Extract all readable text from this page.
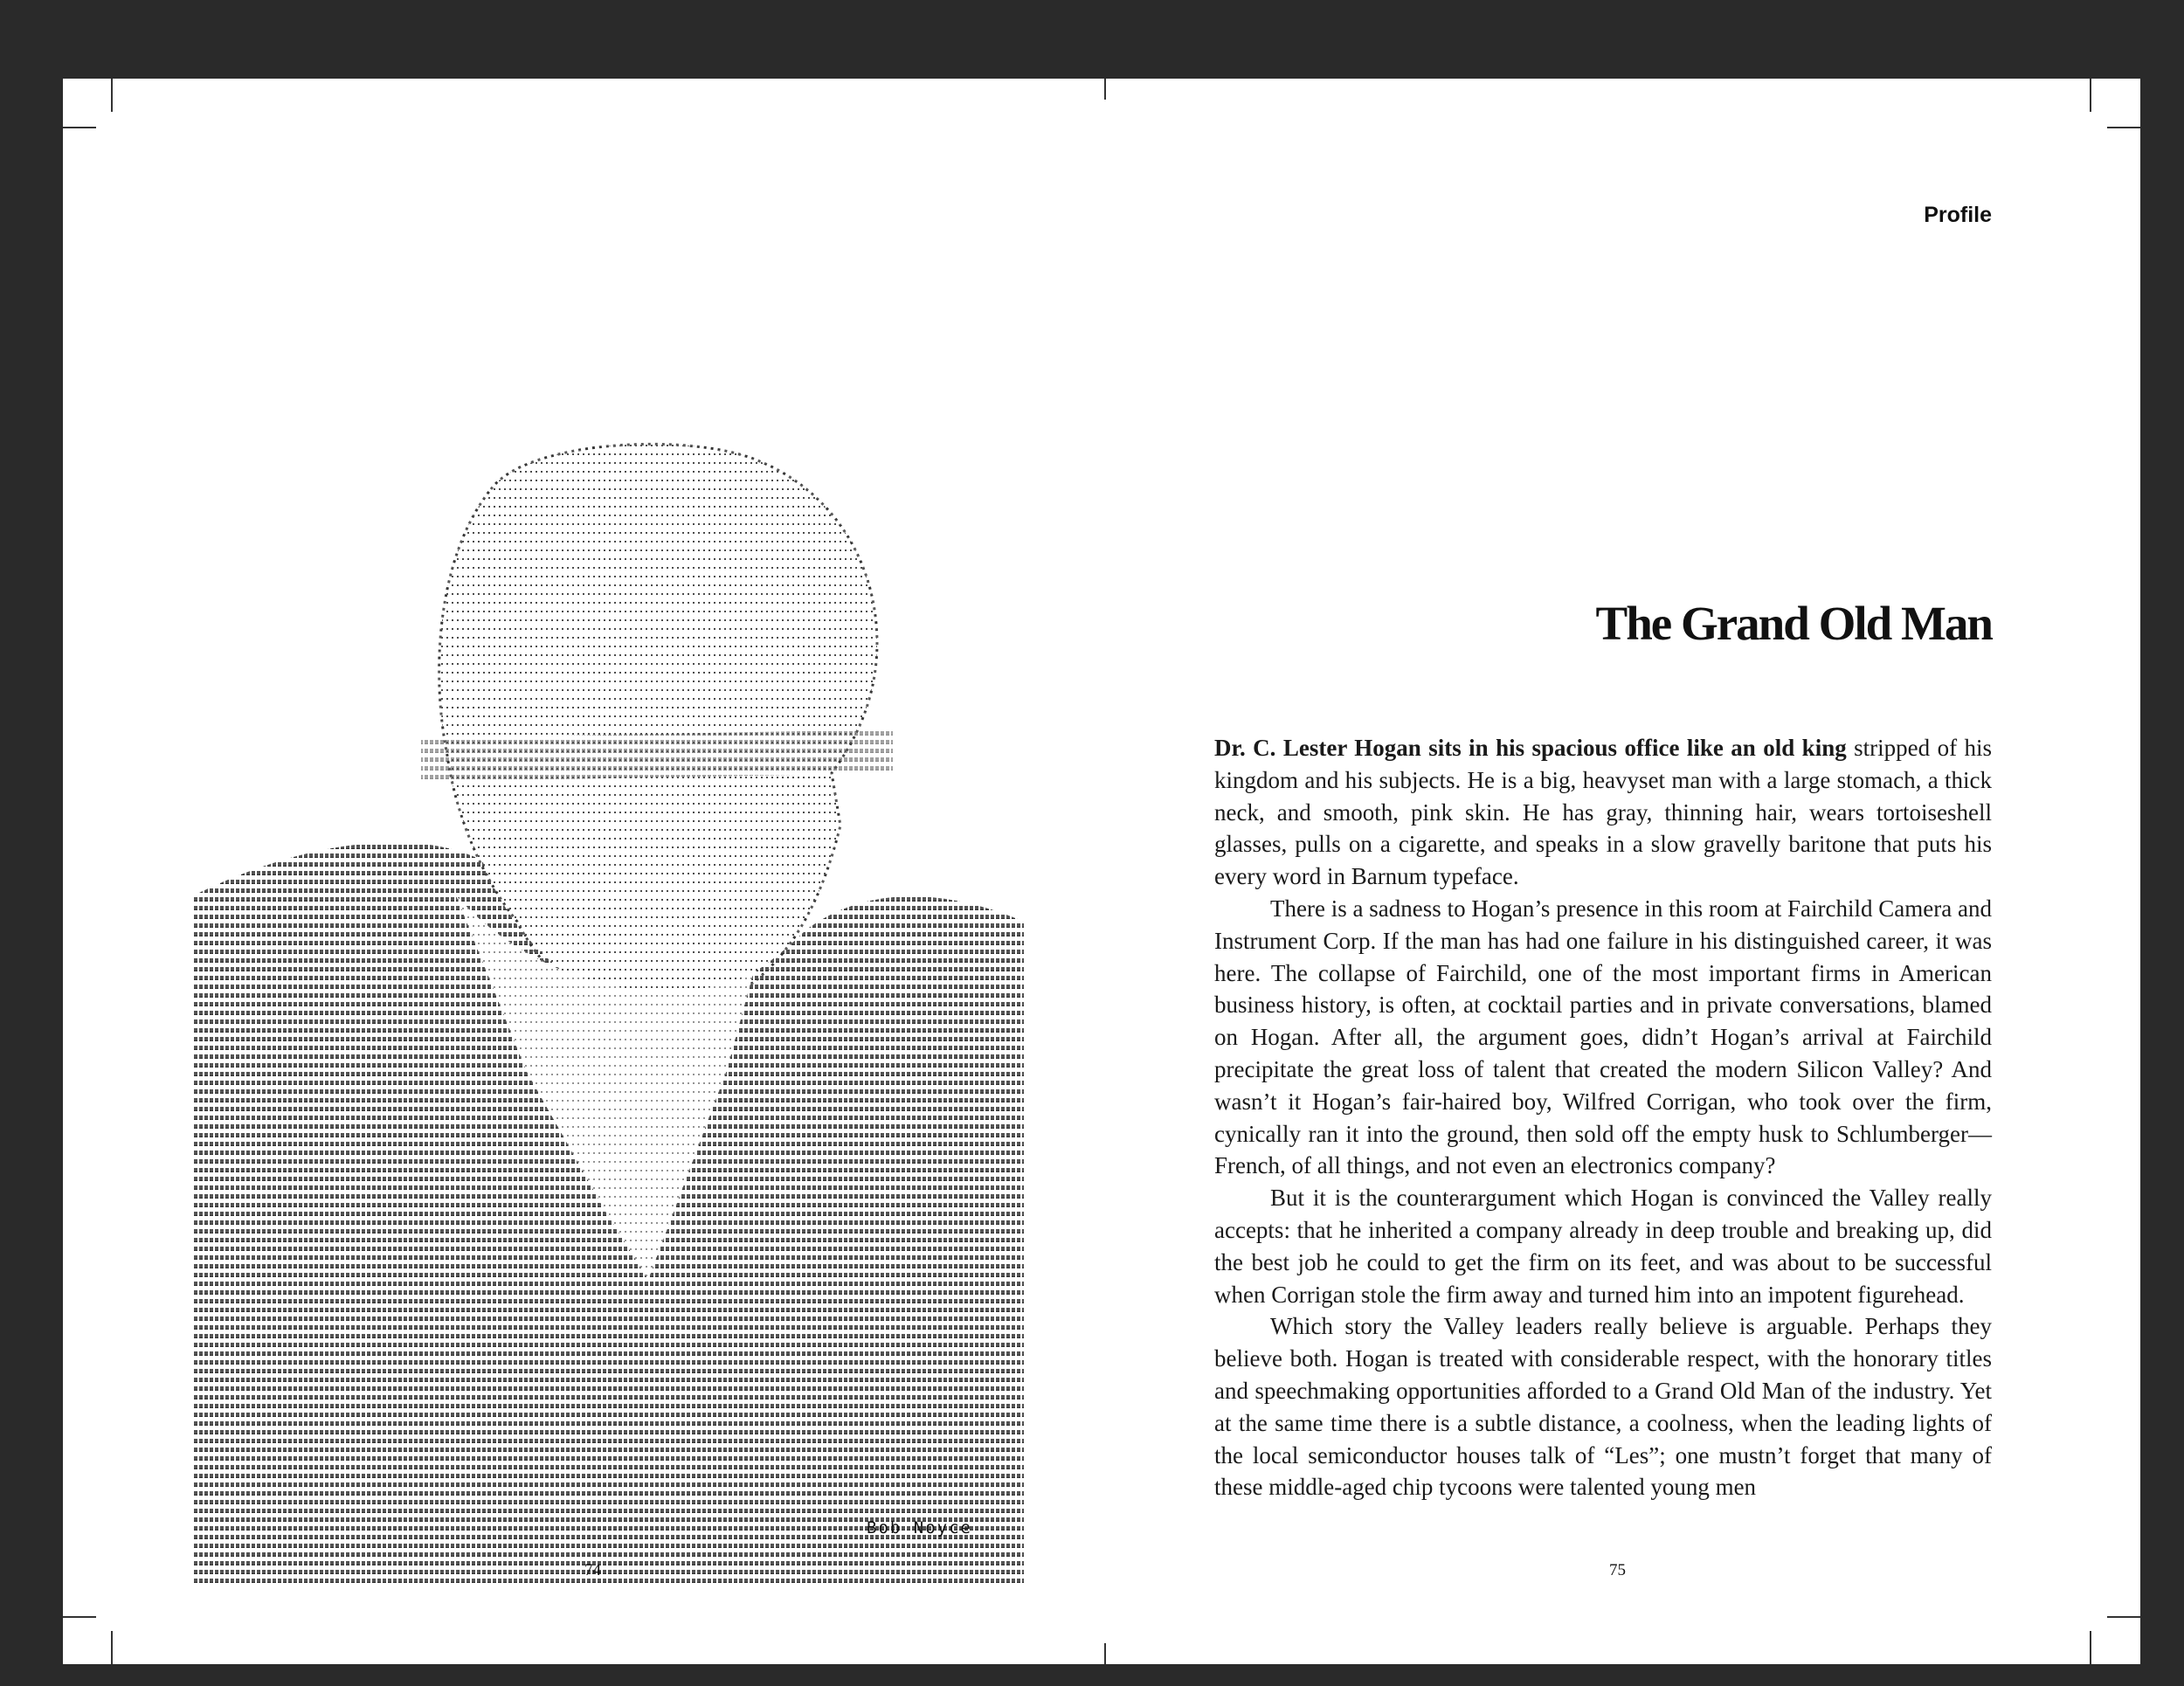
Bob Noyce

74

Profile

The Grand Old Man

Dr. C. Lester Hogan sits in his spacious office like an old king stripped of his kingdom and his subjects. He is a big, heavyset man with a large stomach, a thick neck, and smooth, pink skin. He has gray, thinning hair, wears tortoiseshell glasses, pulls on a cigarette, and speaks in a slow gravelly baritone that puts his every word in Barnum typeface.

There is a sadness to Hogan’s presence in this room at Fairchild Camera and Instrument Corp. If the man has had one failure in his distinguished career, it was here. The collapse of Fairchild, one of the most important firms in American business history, is often, at cocktail parties and in private conversations, blamed on Hogan. After all, the argument goes, didn’t Hogan’s arrival at Fairchild precipitate the great loss of talent that created the modern Silicon Valley? And wasn’t it Hogan’s fair-haired boy, Wilfred Corrigan, who took over the firm, cynically ran it into the ground, then sold off the empty husk to Schlumberger—French, of all things, and not even an electronics company?

But it is the counterargument which Hogan is convinced the Valley really accepts: that he inherited a company already in deep trouble and breaking up, did the best job he could to get the firm on its feet, and was about to be successful when Corrigan stole the firm away and turned him into an impotent figurehead.

Which story the Valley leaders really believe is arguable. Perhaps they believe both. Hogan is treated with considerable respect, with the honorary titles and speechmaking opportunities afforded to a Grand Old Man of the industry. Yet at the same time there is a subtle distance, a coolness, when the leading lights of the local semiconductor houses talk of “Les”; one mustn’t forget that many of these middle-aged chip tycoons were talented young men

75
